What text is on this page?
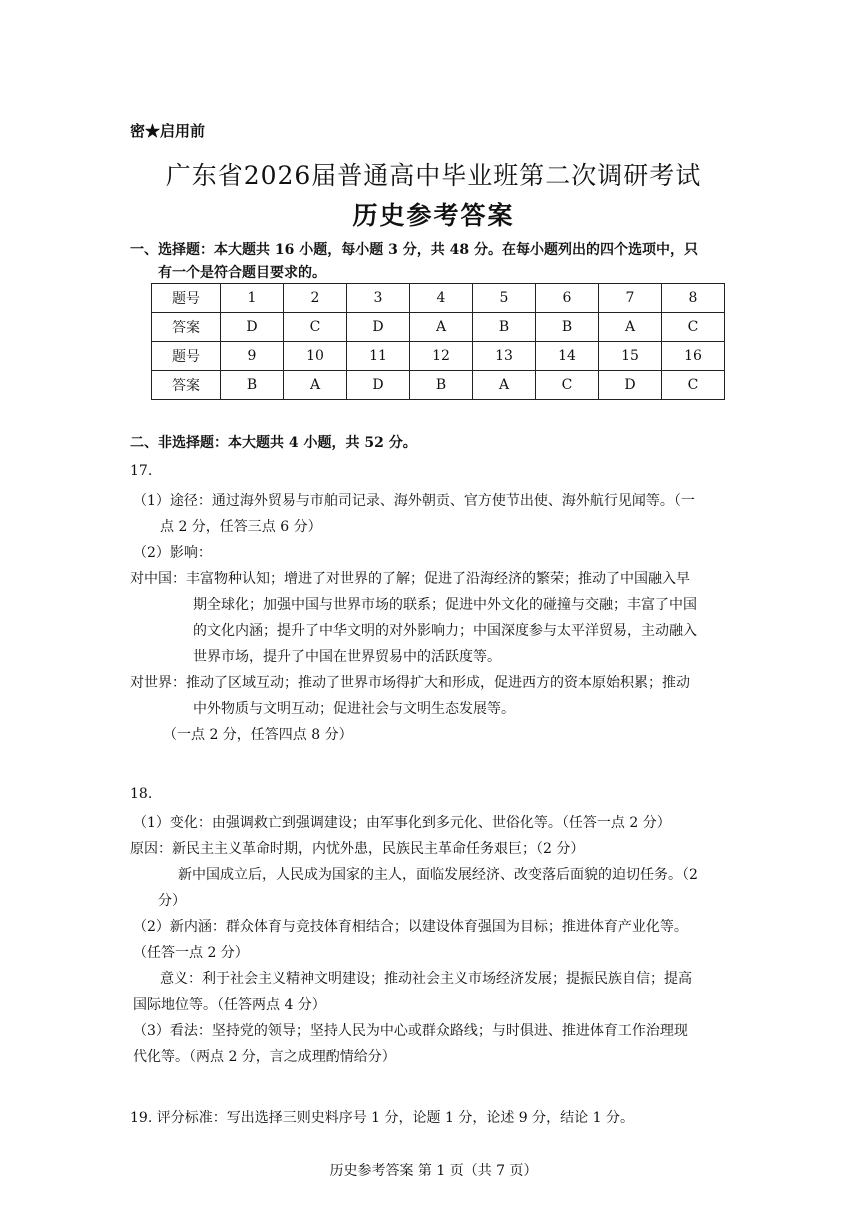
密★启用前
广东省2026届普通高中毕业班第二次调研考试
历史参考答案
一、选择题：本大题共 16 小题，每小题 3 分，共 48 分。在每小题列出的四个选项中，只
有一个是符合题目要求的。
题号	1	2	3	4	5	6	7	8
答案	D	C	D	A	B	B	A	C
题号	9	10	11	12	13	14	15	16
答案	B	A	D	B	A	C	D	C
二、非选择题：本大题共 4 小题，共 52 分。
17.
（1）途径：通过海外贸易与市舶司记录、海外朝贡、官方使节出使、海外航行见闻等。（一
点 2 分，任答三点 6 分）
（2）影响：
对中国：丰富物种认知；增进了对世界的了解；促进了沿海经济的繁荣；推动了中国融入早
期全球化；加强中国与世界市场的联系；促进中外文化的碰撞与交融；丰富了中国
的文化内涵；提升了中华文明的对外影响力；中国深度参与太平洋贸易，主动融入
世界市场，提升了中国在世界贸易中的活跃度等。
对世界：推动了区域互动；推动了世界市场得扩大和形成，促进西方的资本原始积累；推动
中外物质与文明互动；促进社会与文明生态发展等。
（一点 2 分，任答四点 8 分）
18.
（1）变化：由强调救亡到强调建设；由军事化到多元化、世俗化等。（任答一点 2 分）
原因：新民主主义革命时期，内忧外患，民族民主革命任务艰巨；（2 分）
新中国成立后，人民成为国家的主人，面临发展经济、改变落后面貌的迫切任务。（2
分）
（2）新内涵：群众体育与竞技体育相结合；以建设体育强国为目标；推进体育产业化等。
（任答一点 2 分）
意义：利于社会主义精神文明建设；推动社会主义市场经济发展；提振民族自信；提高
国际地位等。（任答两点 4 分）
（3）看法：坚持党的领导；坚持人民为中心或群众路线；与时俱进、推进体育工作治理现
代化等。（两点 2 分，言之成理酌情给分）
19. 评分标准：写出选择三则史料序号 1 分，论题 1 分，论述 9 分，结论 1 分。
历史参考答案 第 1 页（共 7 页）
